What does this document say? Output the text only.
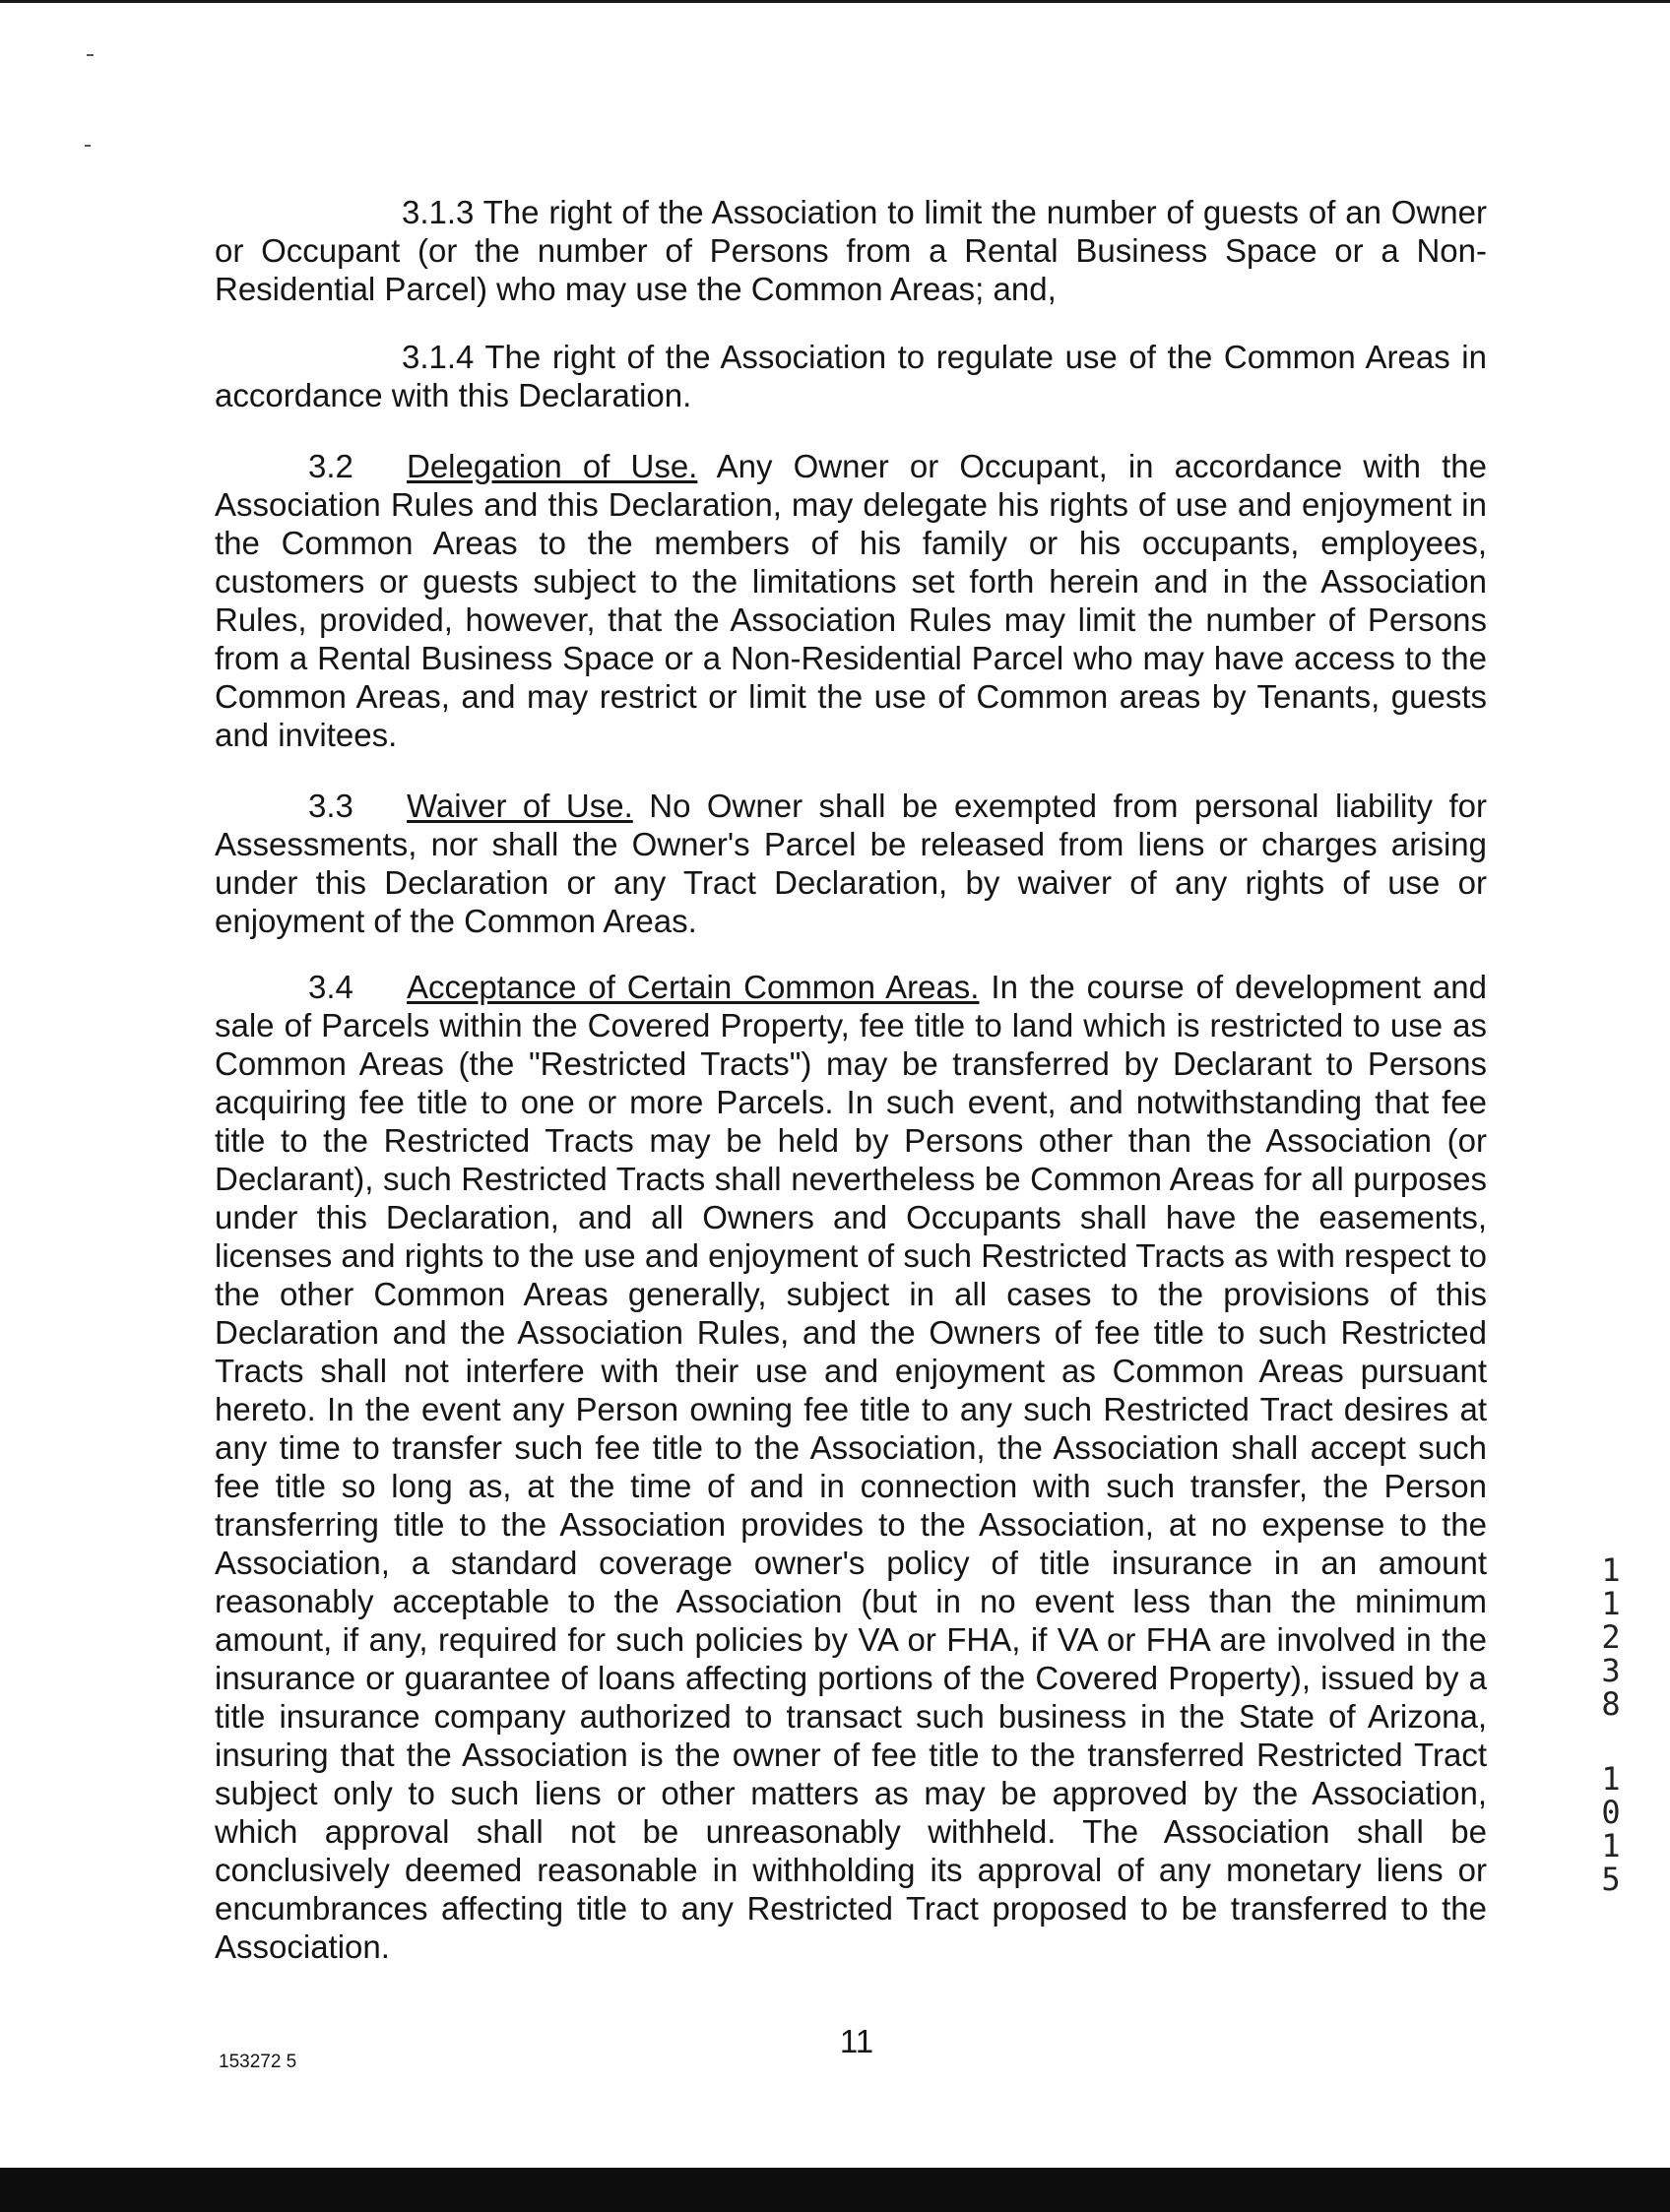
3.1.3 The right of the Association to limit the number of guests of an Owner or Occupant (or the number of Persons from a Rental Business Space or a Non-Residential Parcel) who may use the Common Areas; and,

3.1.4 The right of the Association to regulate use of the Common Areas in accordance with this Declaration.

3.2 Delegation of Use. Any Owner or Occupant, in accordance with the Association Rules and this Declaration, may delegate his rights of use and enjoyment in the Common Areas to the members of his family or his occupants, employees, customers or guests subject to the limitations set forth herein and in the Association Rules, provided, however, that the Association Rules may limit the number of Persons from a Rental Business Space or a Non-Residential Parcel who may have access to the Common Areas, and may restrict or limit the use of Common areas by Tenants, guests and invitees.

3.3 Waiver of Use. No Owner shall be exempted from personal liability for Assessments, nor shall the Owner's Parcel be released from liens or charges arising under this Declaration or any Tract Declaration, by waiver of any rights of use or enjoyment of the Common Areas.

3.4 Acceptance of Certain Common Areas. In the course of development and sale of Parcels within the Covered Property, fee title to land which is restricted to use as Common Areas (the "Restricted Tracts") may be transferred by Declarant to Persons acquiring fee title to one or more Parcels. In such event, and notwithstanding that fee title to the Restricted Tracts may be held by Persons other than the Association (or Declarant), such Restricted Tracts shall nevertheless be Common Areas for all purposes under this Declaration, and all Owners and Occupants shall have the easements, licenses and rights to the use and enjoyment of such Restricted Tracts as with respect to the other Common Areas generally, subject in all cases to the provisions of this Declaration and the Association Rules, and the Owners of fee title to such Restricted Tracts shall not interfere with their use and enjoyment as Common Areas pursuant hereto. In the event any Person owning fee title to any such Restricted Tract desires at any time to transfer such fee title to the Association, the Association shall accept such fee title so long as, at the time of and in connection with such transfer, the Person transferring title to the Association provides to the Association, at no expense to the Association, a standard coverage owner's policy of title insurance in an amount reasonably acceptable to the Association (but in no event less than the minimum amount, if any, required for such policies by VA or FHA, if VA or FHA are involved in the insurance or guarantee of loans affecting portions of the Covered Property), issued by a title insurance company authorized to transact such business in the State of Arizona, insuring that the Association is the owner of fee title to the transferred Restricted Tract subject only to such liens or other matters as may be approved by the Association, which approval shall not be unreasonably withheld. The Association shall be conclusively deemed reasonable in withholding its approval of any monetary liens or encumbrances affecting title to any Restricted Tract proposed to be transferred to the Association.

1
1
2
3
8
1
0
1
5
11
153272 5
